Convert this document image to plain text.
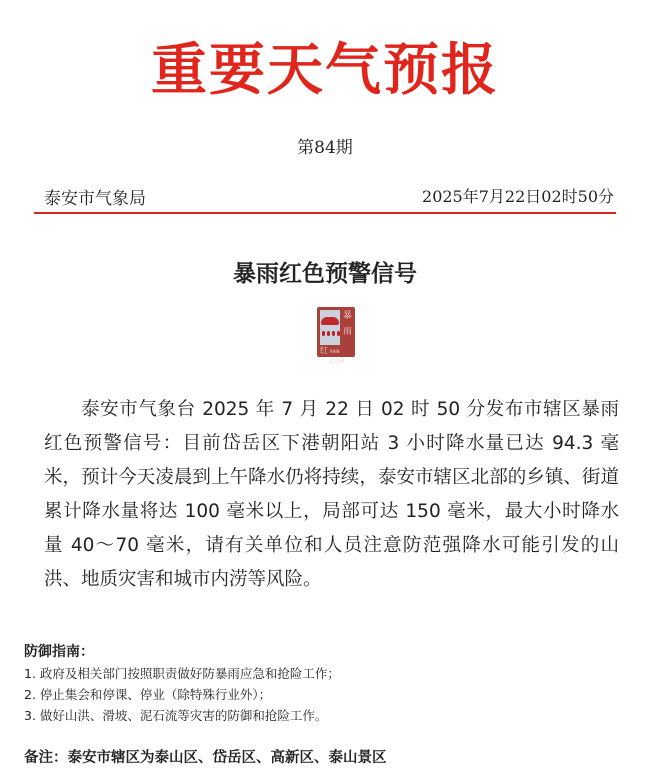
重要天气预报
第84期
泰安市气象局	2025年7月22日02时50分
暴雨红色预警信号
暴
雨
红 RAIN STORM
泰安市气象台 2025 年 7 月 22 日 02 时 50 分发布市辖区暴雨红色预警信号：目前岱岳区下港朝阳站 3 小时降水量已达 94.3 毫米，预计今天凌晨到上午降水仍将持续，泰安市辖区北部的乡镇、街道累计降水量将达 100 毫米以上，局部可达 150 毫米，最大小时降水量 40～70 毫米，请有关单位和人员注意防范强降水可能引发的山洪、地质灾害和城市内涝等风险。
防御指南：
1. 政府及相关部门按照职责做好防暴雨应急和抢险工作；
2. 停止集会和停课、停业（除特殊行业外）；
3. 做好山洪、滑坡、泥石流等灾害的防御和抢险工作。
备注：泰安市辖区为泰山区、岱岳区、高新区、泰山景区
